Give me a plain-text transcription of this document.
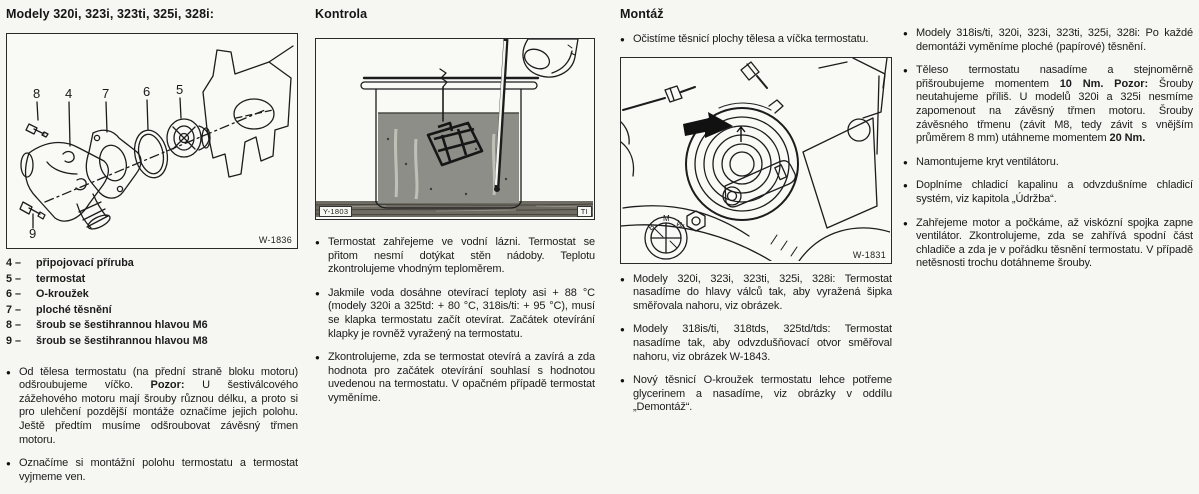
Modely 320i, 323i, 323ti, 325i, 328i:
8 4 7	6 5
9	W-1836
4 –	připojovací příruba
5 –	termostat
6 –	O-kroužek
7 –	ploché těsnění
8 –	šroub se šestihrannou hlavou M6
9 –	šroub se šestihrannou hlavou M8
● Od tělesa termostatu (na přední straně bloku motoru) odšroubujeme víčko. Pozor: U šestiválcového zážehového motoru mají šrouby různou délku, a proto si pro ulehčení pozdější montáže označíme jejich polohu. Ještě předtím musíme odšroubovat závěsný třmen motoru.
● Označíme si montážní polohu termostatu a termostat vyjmeme ven.
Kontrola
Y-1803	TI
● Termostat zahřejeme ve vodní lázni. Termostat se přitom nesmí dotýkat stěn nádoby. Teplotu zkontrolujeme vhodným teploměrem.
● Jakmile voda dosáhne otevírací teploty asi + 88 °C (modely 320i a 325td: + 80 °C, 318is/ti: + 95 °C), musí se klapka termostatu začít otevírat. Začátek otevírání klapky je rovněž vyražený na termostatu.
● Zkontrolujeme, zda se termostat otevírá a zavírá a zda hodnota pro začátek otevírání souhlasí s hodnotou uvedenou na termostatu. V opačném případě termostat vyměníme.
Montáž
● Očistíme těsnicí plochy tělesa a víčka termostatu.
B
M
W
W-1831
● Modely 320i, 323i, 323ti, 325i, 328i: Termostat nasadíme do hlavy válců tak, aby vyražená šipka směřovala nahoru, viz obrázek.
● Modely 318is/ti, 318tds, 325td/tds: Termostat nasadíme tak, aby odvzdušňovací otvor směřoval nahoru, viz obrázek W-1843.
● Nový těsnicí O-kroužek termostatu lehce potřeme glycerinem a nasadíme, viz obrázky v oddílu „Demontáž“.
● Modely 318is/ti, 320i, 323i, 323ti, 325i, 328i: Po každé demontáži vyměníme ploché (papírové) těsnění.
● Těleso termostatu nasadíme a stejnoměrně přišroubujeme momentem 10 Nm. Pozor: Šrouby neutahujeme příliš. U modelů 320i a 325i nesmíme zapomenout na závěsný třmen motoru. Šrouby závěsného třmenu (závit M8, tedy závit s vnějším průměrem 8 mm) utáhneme momentem 20 Nm.
● Namontujeme kryt ventilátoru.
● Doplníme chladicí kapalinu a odvzdušníme chladicí systém, viz kapitola „Údržba“.
● Zahřejeme motor a počkáme, až viskózní spojka zapne ventilátor. Zkontrolujeme, zda se zahřívá spodní část chladiče a zda je v pořádku těsnění termostatu. V případě netěsnosti trochu dotáhneme šrouby.
